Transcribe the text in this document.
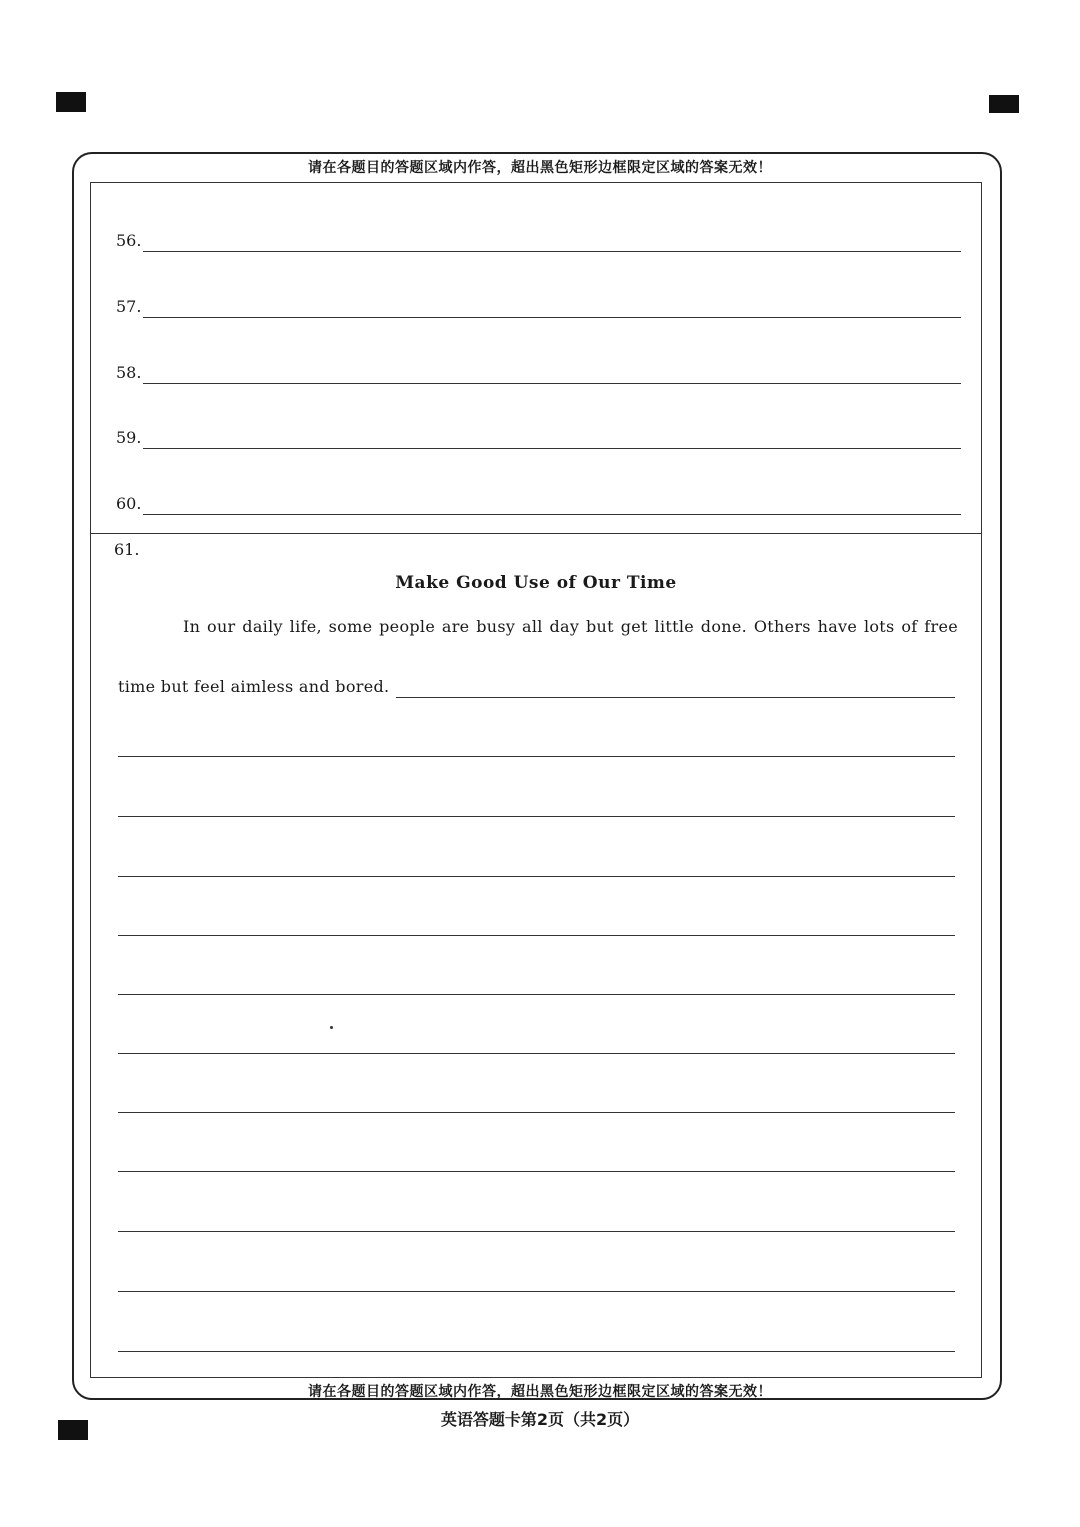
请在各题目的答题区域内作答，超出黑色矩形边框限定区域的答案无效！
56.
57.
58.
59.
60.
61.
Make Good Use of Our Time
In our daily life, some people are busy all day but get little done. Others have lots of free
time but feel aimless and bored.
请在各题目的答题区域内作答，超出黑色矩形边框限定区域的答案无效！
英语答题卡第2页（共2页）
